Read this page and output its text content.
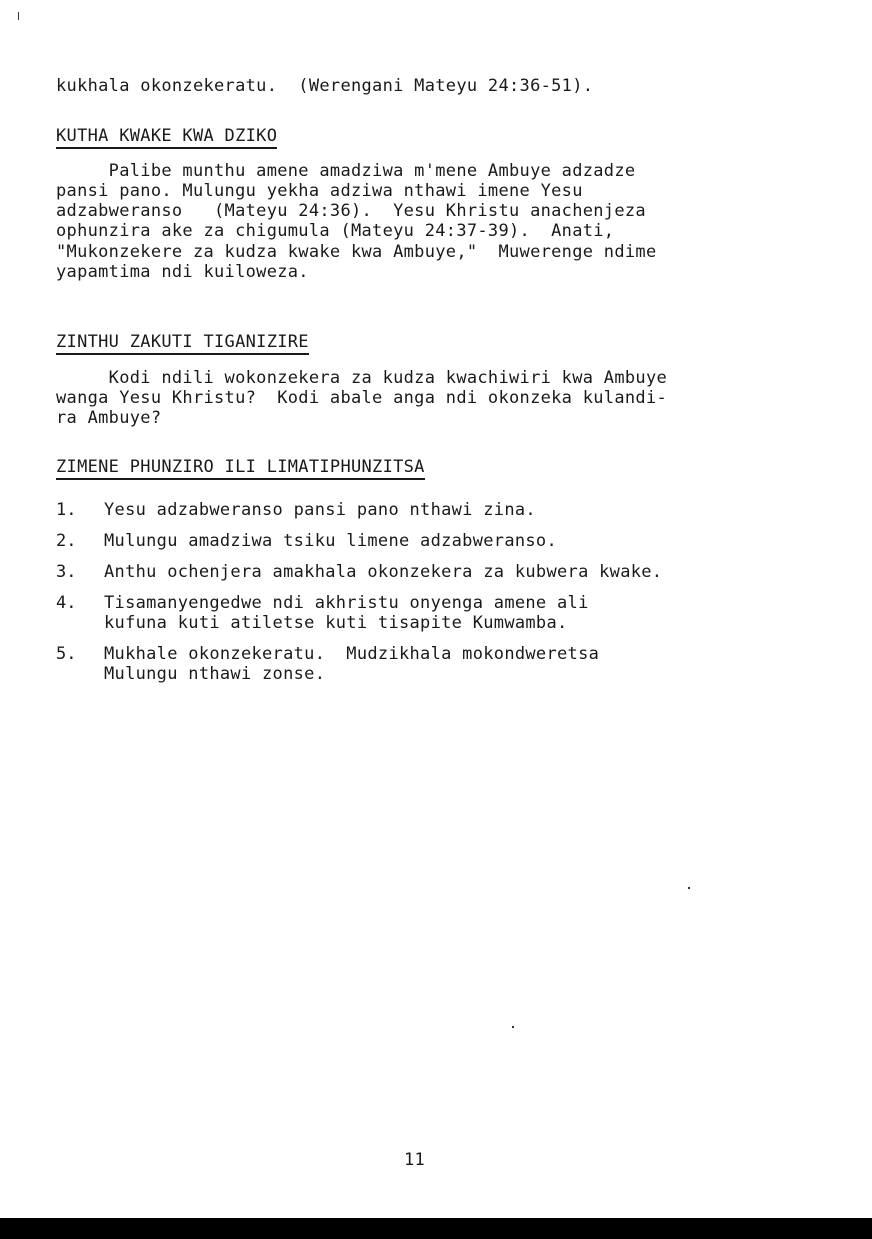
kukhala okonzekeratu.  (Werengani Mateyu 24:36-51).
KUTHA KWAKE KWA DZIKO
Palibe munthu amene amadziwa m'mene Ambuye adzadze
pansi pano. Mulungu yekha adziwa nthawi imene Yesu
adzabweranso   (Mateyu 24:36).  Yesu Khristu anachenjeza
ophunzira ake za chigumula (Mateyu 24:37-39).  Anati,
"Mukonzekere za kudza kwake kwa Ambuye,"  Muwerenge ndime
yapamtima ndi kuiloweza.
ZINTHU ZAKUTI TIGANIZIRE
Kodi ndili wokonzekera za kudza kwachiwiri kwa Ambuye
wanga Yesu Khristu?  Kodi abale anga ndi okonzeka kulandi-
ra Ambuye?
ZIMENE PHUNZIRO ILI LIMATIPHUNZITSA
1. Yesu adzabweranso pansi pano nthawi zina.
2. Mulungu amadziwa tsiku limene adzabweranso.
3. Anthu ochenjera amakhala okonzekera za kubwera kwake.
4. Tisamanyengedwe ndi akhristu onyenga amene ali
kufuna kuti atiletse kuti tisapite Kumwamba.
5. Mukhale okonzekeratu.  Mudzikhala mokondweretsa
Mulungu nthawi zonse.
11
